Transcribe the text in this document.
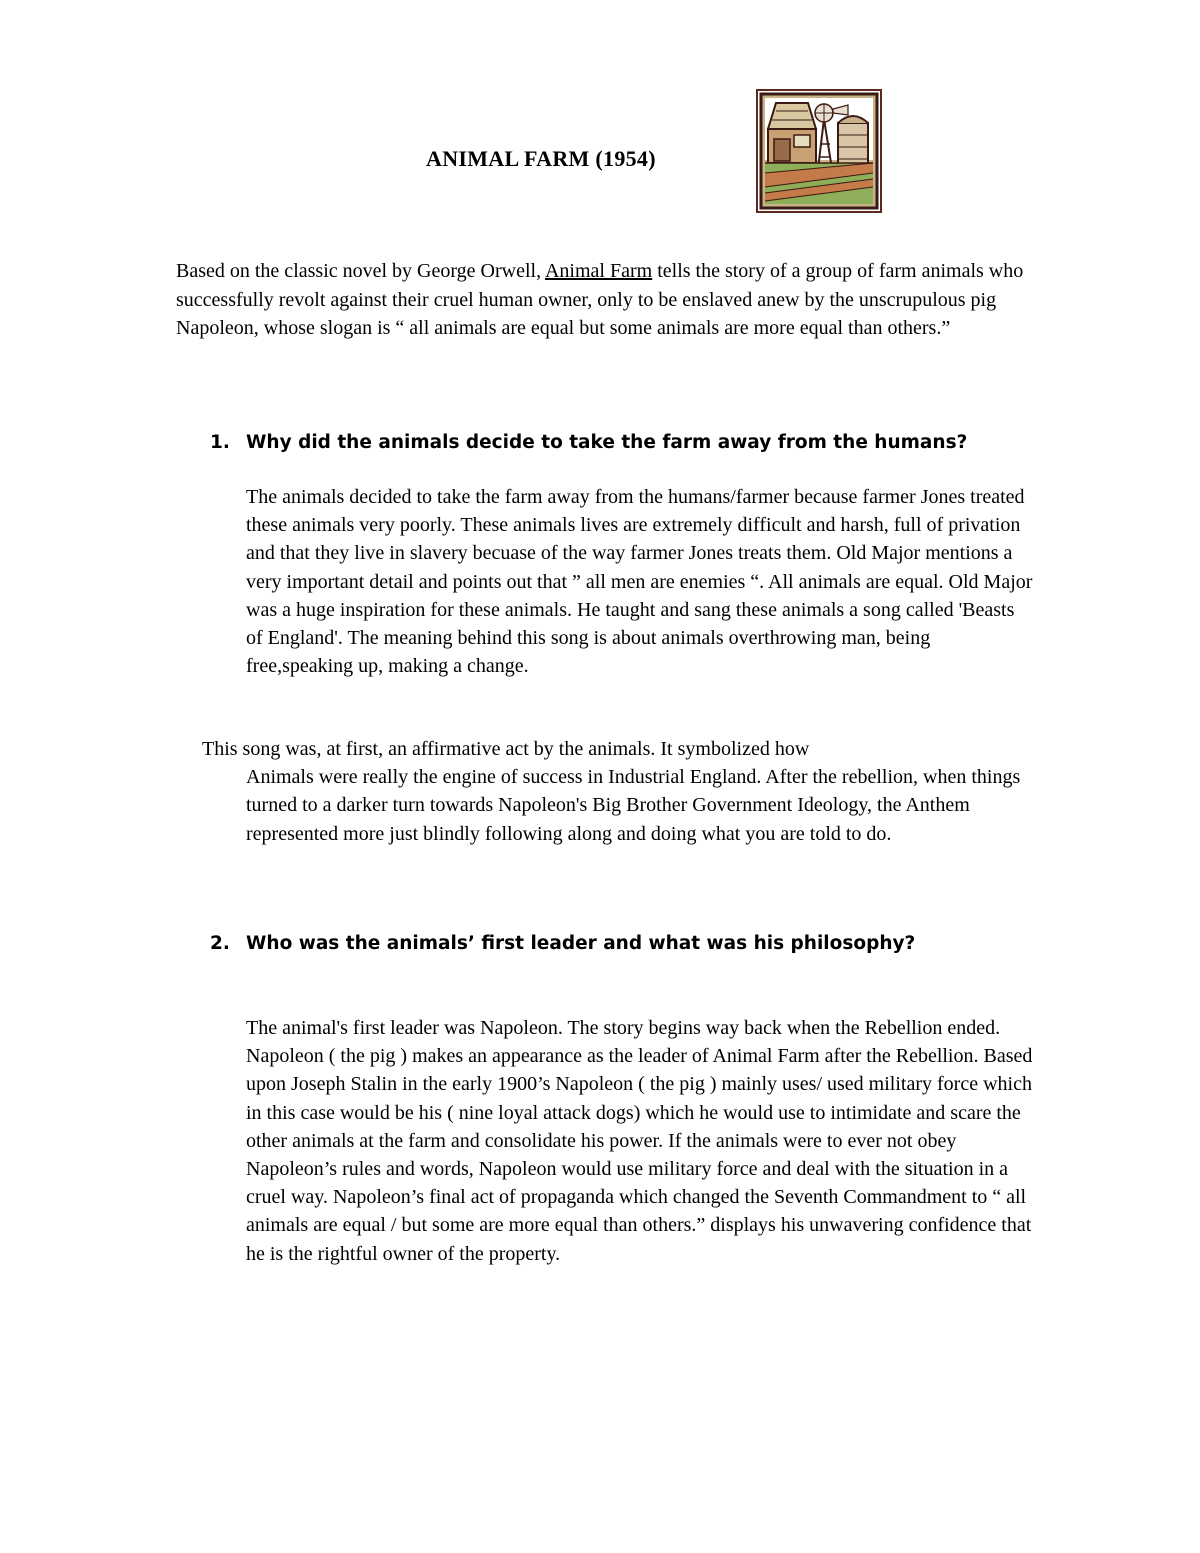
ANIMAL FARM (1954)
Based on the classic novel by George Orwell, Animal Farm tells the story of a group of farm animals who successfully revolt against their cruel human owner, only to be enslaved anew by the unscrupulous pig Napoleon, whose slogan is “ all animals are equal but some animals are more equal than others.”
1. Why did the animals decide to take the farm away from the humans?
The animals decided to take the farm away from the humans/farmer because farmer Jones treated these animals very poorly. These animals lives are extremely difficult and harsh, full of privation and that they live in slavery becuase of the way farmer Jones treats them. Old Major mentions a very important detail and points out that ” all men are enemies “. All animals are equal. Old Major was a huge inspiration for these animals. He taught and sang these animals a song called 'Beasts of England'. The meaning behind this song is about animals overthrowing man, being free,speaking up, making a change.
This song was, at first, an affirmative act by the animals. It symbolized how
Animals were really the engine of success in Industrial England. After the rebellion, when things turned to a darker turn towards Napoleon's Big Brother Government Ideology, the Anthem represented more just blindly following along and doing what you are told to do.
2. Who was the animals’ first leader and what was his philosophy?
The animal's first leader was Napoleon. The story begins way back when the Rebellion ended. Napoleon ( the pig ) makes an appearance as the leader of Animal Farm after the Rebellion. Based upon Joseph Stalin in the early 1900’s Napoleon ( the pig ) mainly uses/ used military force which in this case would be his ( nine loyal attack dogs) which he would use to intimidate and scare the other animals at the farm and consolidate his power. If the animals were to ever not obey Napoleon’s rules and words, Napoleon would use military force and deal with the situation in a cruel way. Napoleon’s final act of propaganda which changed the Seventh Commandment to “ all animals are equal / but some are more equal than others.” displays his unwavering confidence that he is the rightful owner of the property.
